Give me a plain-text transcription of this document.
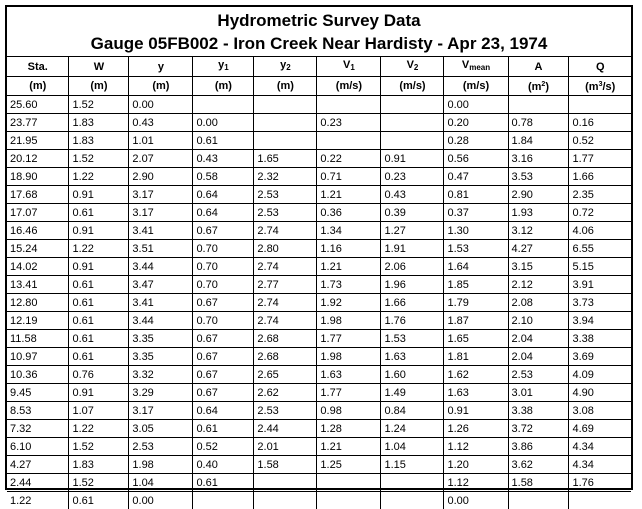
Hydrometric Survey Data
Gauge 05FB002 - Iron Creek Near Hardisty - Apr 23, 1974
Sta.	W	y	$y_1$	$y_2$	$V_1$	$V_2$	$V_{mean}$	A	Q
(m)	(m)	(m)	(m)	(m)	(m/s)	(m/s)	(m/s)	$(m^2)$	$(m^3/s)$
25.60	1.52	0.00					0.00		
23.77	1.83	0.43	0.00		0.23		0.20	0.78	0.16
21.95	1.83	1.01	0.61				0.28	1.84	0.52
20.12	1.52	2.07	0.43	1.65	0.22	0.91	0.56	3.16	1.77
18.90	1.22	2.90	0.58	2.32	0.71	0.23	0.47	3.53	1.66
17.68	0.91	3.17	0.64	2.53	1.21	0.43	0.81	2.90	2.35
17.07	0.61	3.17	0.64	2.53	0.36	0.39	0.37	1.93	0.72
16.46	0.91	3.41	0.67	2.74	1.34	1.27	1.30	3.12	4.06
15.24	1.22	3.51	0.70	2.80	1.16	1.91	1.53	4.27	6.55
14.02	0.91	3.44	0.70	2.74	1.21	2.06	1.64	3.15	5.15
13.41	0.61	3.47	0.70	2.77	1.73	1.96	1.85	2.12	3.91
12.80	0.61	3.41	0.67	2.74	1.92	1.66	1.79	2.08	3.73
12.19	0.61	3.44	0.70	2.74	1.98	1.76	1.87	2.10	3.94
11.58	0.61	3.35	0.67	2.68	1.77	1.53	1.65	2.04	3.38
10.97	0.61	3.35	0.67	2.68	1.98	1.63	1.81	2.04	3.69
10.36	0.76	3.32	0.67	2.65	1.63	1.60	1.62	2.53	4.09
9.45	0.91	3.29	0.67	2.62	1.77	1.49	1.63	3.01	4.90
8.53	1.07	3.17	0.64	2.53	0.98	0.84	0.91	3.38	3.08
7.32	1.22	3.05	0.61	2.44	1.28	1.24	1.26	3.72	4.69
6.10	1.52	2.53	0.52	2.01	1.21	1.04	1.12	3.86	4.34
4.27	1.83	1.98	0.40	1.58	1.25	1.15	1.20	3.62	4.34
2.44	1.52	1.04	0.61				1.12	1.58	1.76
1.22	0.61	0.00					0.00		
